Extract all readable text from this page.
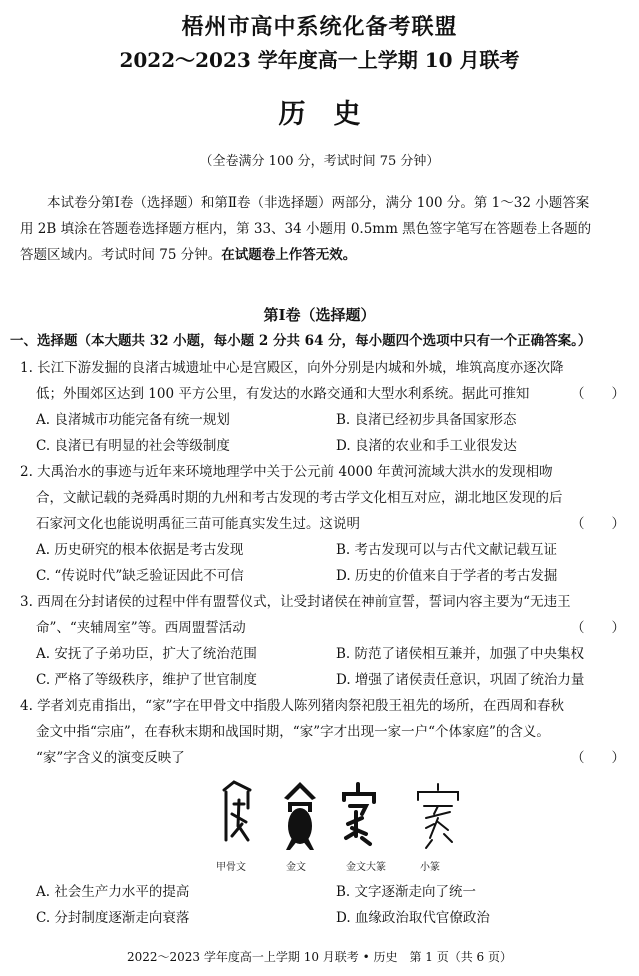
梧州市高中系统化备考联盟
2022～2023 学年度高一上学期 10 月联考
历史
（全卷满分 100 分，考试时间 75 分钟）
本试卷分第Ⅰ卷（选择题）和第Ⅱ卷（非选择题）两部分，满分 100 分。第 1～32 小题答案
用 2B 填涂在答题卷选择题方框内，第 33、34 小题用 0.5mm 黑色签字笔写在答题卷上各题的
答题区域内。考试时间 75 分钟。在试题卷上作答无效。
第Ⅰ卷（选择题）
一、选择题（本大题共 32 小题，每小题 2 分共 64 分，每小题四个选项中只有一个正确答案。）
1. 长江下游发掘的良渚古城遗址中心是宫殿区，向外分别是内城和外城，堆筑高度亦逐次降
低；外围郊区达到 100 平方公里，有发达的水路交通和大型水利系统。据此可推知	（　　）
A. 良渚城市功能完备有统一规划	B. 良渚已经初步具备国家形态
C. 良渚已有明显的社会等级制度	D. 良渚的农业和手工业很发达
2. 大禹治水的事迹与近年来环境地理学中关于公元前 4000 年黄河流域大洪水的发现相吻
合，文献记载的尧舜禹时期的九州和考古发现的考古学文化相互对应，湖北地区发现的后
石家河文化也能说明禹征三苗可能真实发生过。这说明	（　　）
A. 历史研究的根本依据是考古发现	B. 考古发现可以与古代文献记载互证
C. “传说时代”缺乏验证因此不可信	D. 历史的价值来自于学者的考古发掘
3. 西周在分封诸侯的过程中伴有盟誓仪式，让受封诸侯在神前宣誓，誓词内容主要为“无违王
命”、“夹辅周室”等。西周盟誓活动	（　　）
A. 安抚了子弟功臣，扩大了统治范围	B. 防范了诸侯相互兼并，加强了中央集权
C. 严格了等级秩序，维护了世官制度	D. 增强了诸侯责任意识，巩固了统治力量
4. 学者刘克甫指出，“家”字在甲骨文中指殷人陈列猪肉祭祀殷王祖先的场所，在西周和春秋
金文中指“宗庙”，在春秋末期和战国时期，“家”字才出现一家一户“个体家庭”的含义。
“家”字含义的演变反映了	（　　）
甲骨文	金文	金文大篆	小篆
A. 社会生产力水平的提高	B. 文字逐渐走向了统一
C. 分封制度逐渐走向衰落	D. 血缘政治取代官僚政治
2022～2023 学年度高一上学期 10 月联考 • 历史　第 1 页（共 6 页）
